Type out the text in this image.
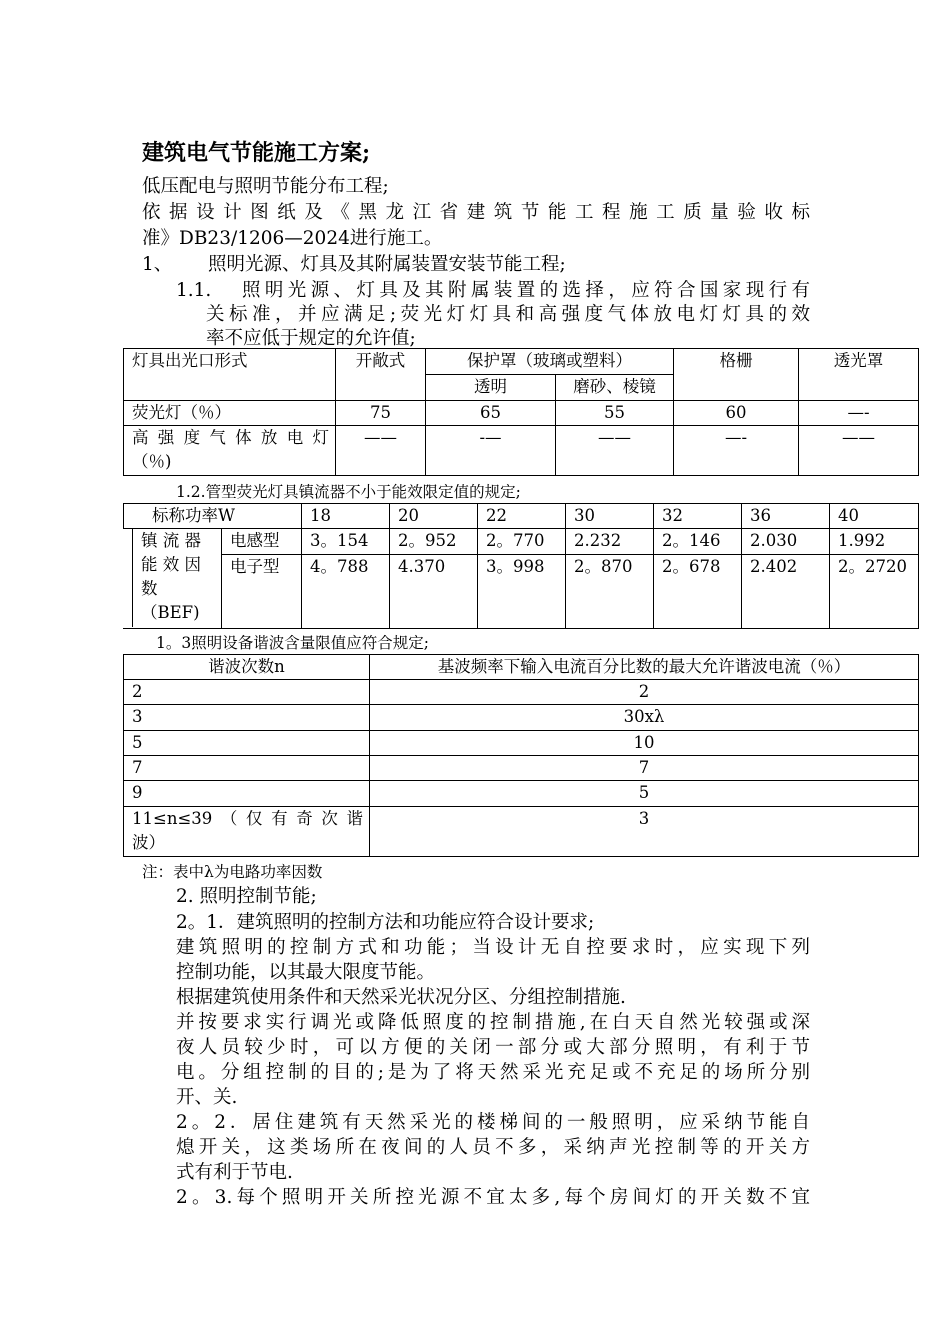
建筑电气节能施工方案;
低压配电与照明节能分布工程;
依据设计图纸及《黑龙江省建筑节能工程施工质量验收标
准》DB23/1206—2024进行施工。
1、 照明光源、灯具及其附属装置安装节能工程;
1.1. 照明光源、灯具及其附属装置的选择，应符合国家现行有
关标准，并应满足;荧光灯灯具和高强度气体放电灯灯具的效
率不应低于规定的允许值;
灯具出光口形式	开敞式	保护罩（玻璃或塑料）		格栅	透光罩
		透明	磨砂、棱镜		
荧光灯（％）	75	65	55	60	—-

高强度气体放电灯
（％)	——	-—	——	—-	——
1.2.管型荧光灯具镇流器不小于能效限定值的规定;
标称功率W		18	20	22	30	32	36	40

镇 流 器
能 效 因
数
（BEF)	电感型	3。154	2。952	2。770	2.232	2。146	2.030	1.992
	电子型	4。788	4.370	3。998	2。870	2。678	2.402	2。2720
1。3照明设备谐波含量限值应符合规定;
谐波次数n	基波频率下输入电流百分比数的最大允许谐波电流（％）
2	2
3	30xλ
5	10
7	7
9	5

11≤n≤39（仅有奇次谐
波）	3
注：表中λ为电路功率因数
2. 照明控制节能;
2。1．建筑照明的控制方法和功能应符合设计要求;
建筑照明的控制方式和功能；当设计无自控要求时，应实现下列
控制功能，以其最大限度节能。
根据建筑使用条件和天然采光状况分区、分组控制措施.
并按要求实行调光或降低照度的控制措施,在白天自然光较强或深
夜人员较少时，可以方便的关闭一部分或大部分照明，有利于节
电。分组控制的目的;是为了将天然采光充足或不充足的场所分别
开、关.
2。2．居住建筑有天然采光的楼梯间的一般照明，应采纳节能自
熄开关，这类场所在夜间的人员不多，采纳声光控制等的开关方
式有利于节电.
2。3.每个照明开关所控光源不宜太多,每个房间灯的开关数不宜
